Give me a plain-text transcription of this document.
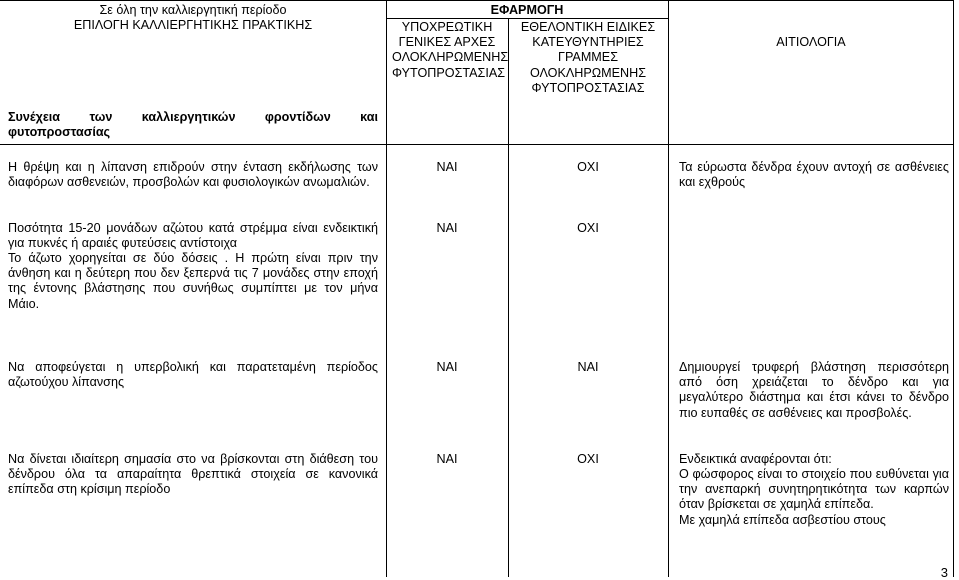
Σε όλη την καλλιεργητική περίοδο
ΕΠΙΛΟΓΗ ΚΑΛΛΙΕΡΓΗΤΙΚΗΣ ΠΡΑΚΤΙΚΗΣ
Συνέχεια των καλλιεργητικών φροντίδων και φυτοπροστασίας
ΕΦΑΡΜΟΓΗ
ΥΠΟΧΡΕΩΤΙΚΗ ΓΕΝΙΚΕΣ ΑΡΧΕΣ ΟΛΟΚΛΗΡΩΜΕΝΗΣ ΦΥΤΟΠΡΟΣΤΑΣΙΑΣ
ΕΘΕΛΟΝΤΙΚΗ ΕΙΔΙΚΕΣ ΚΑΤΕΥΘΥΝΤΗΡΙΕΣ ΓΡΑΜΜΕΣ ΟΛΟΚΛΗΡΩΜΕΝΗΣ ΦΥΤΟΠΡΟΣΤΑΣΙΑΣ
ΑΙΤΙΟΛΟΓΙΑ
Η θρέψη και η λίπανση επιδρούν στην ένταση εκδήλωσης των διαφόρων ασθενειών, προσβολών και φυσιολογικών ανωμαλιών.
ΝΑΙ	ΟΧΙ	Τα εύρωστα δένδρα έχουν αντοχή σε ασθένειες και εχθρούς
Ποσότητα 15-20 μονάδων αζώτου κατά στρέμμα είναι ενδεικτική για πυκνές ή αραιές φυτεύσεις αντίστοιχα
Το άζωτο χορηγείται σε δύο δόσεις . Η πρώτη είναι πριν την άνθηση και η δεύτερη που δεν ξεπερνά τις 7 μονάδες στην εποχή της έντονης βλάστησης που συνήθως συμπίπτει με τον μήνα Μάιο.
ΝΑΙ	ΟΧΙ
Να αποφεύγεται η υπερβολική και παρατεταμένη περίοδος αζωτούχου λίπανσης
ΝΑΙ	ΝΑΙ	Δημιουργεί τρυφερή βλάστηση περισσότερη από όση χρειάζεται το δένδρο και για μεγαλύτερο διάστημα και έτσι κάνει το δένδρο πιο ευπαθές σε ασθένειες και προσβολές.
Να δίνεται ιδιαίτερη σημασία στο να βρίσκονται στη διάθεση του δένδρου όλα τα απαραίτητα θρεπτικά στοιχεία σε κανονικά επίπεδα στη κρίσιμη περίοδο
ΝΑΙ	ΟΧΙ	Ενδεικτικά αναφέρονται ότι:
Ο φώσφορος είναι το στοιχείο που ευθύνεται για την ανεπαρκή συνητηρητικότητα των καρπών όταν βρίσκεται σε χαμηλά επίπεδα.
Με χαμηλά επίπεδα ασβεστίου στους
3
